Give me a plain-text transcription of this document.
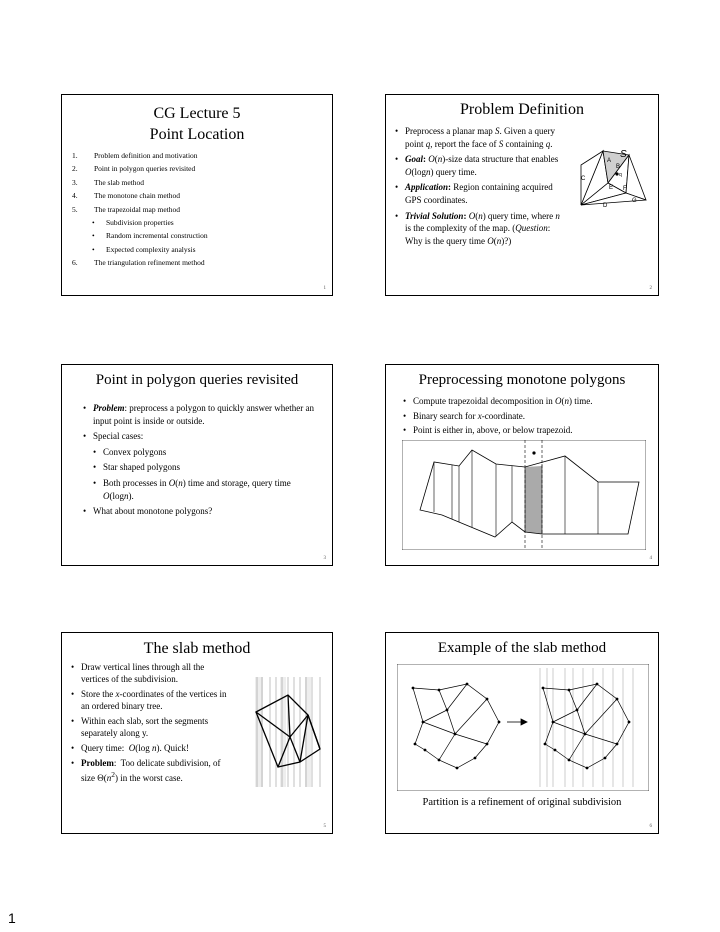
CG Lecture 5
Point Location
1. Problem definition and motivation
2. Point in polygon queries revisited
3. The slab method
4. The monotone chain method
5. The trapezoidal map method
• Subdivision properties
• Random incremental construction
• Expected complexity analysis
6. The triangulation refinement method
1
Problem Definition
• Preprocess a planar map S. Given a query point q, report the face of S containing q.
• Goal: O(n)-size data structure that enables O(logn) query time.
• Application: Region containing acquired GPS coordinates.
• Trivial Solution: O(n) query time, where n is the complexity of the map. (Question: Why is the query time O(n)?)
S
A
B
q
C
E F
D
G
2
Point in polygon queries revisited
• Problem: preprocess a polygon to quickly answer whether an input point is inside or outside.
• Special cases:
• Convex polygons
• Star shaped polygons
• Both processes in O(n) time and storage, query time O(logn).
• What about monotone polygons?
3
Preprocessing monotone polygons
• Compute trapezoidal decomposition in O(n) time.
• Binary search for x-coordinate.
• Point is either in, above, or below trapezoid.
4
The slab method
• Draw vertical lines through all the vertices of the subdivision.
• Store the x-coordinates of the vertices in an ordered binary tree.
• Within each slab, sort the segments separately along y.
• Query time:  O(log n). Quick!
• Problem:  Too delicate subdivision, of size $\Theta(n^2)$ in the worst case.
5
Example of the slab method
Partition is a refinement of original subdivision
6
1
